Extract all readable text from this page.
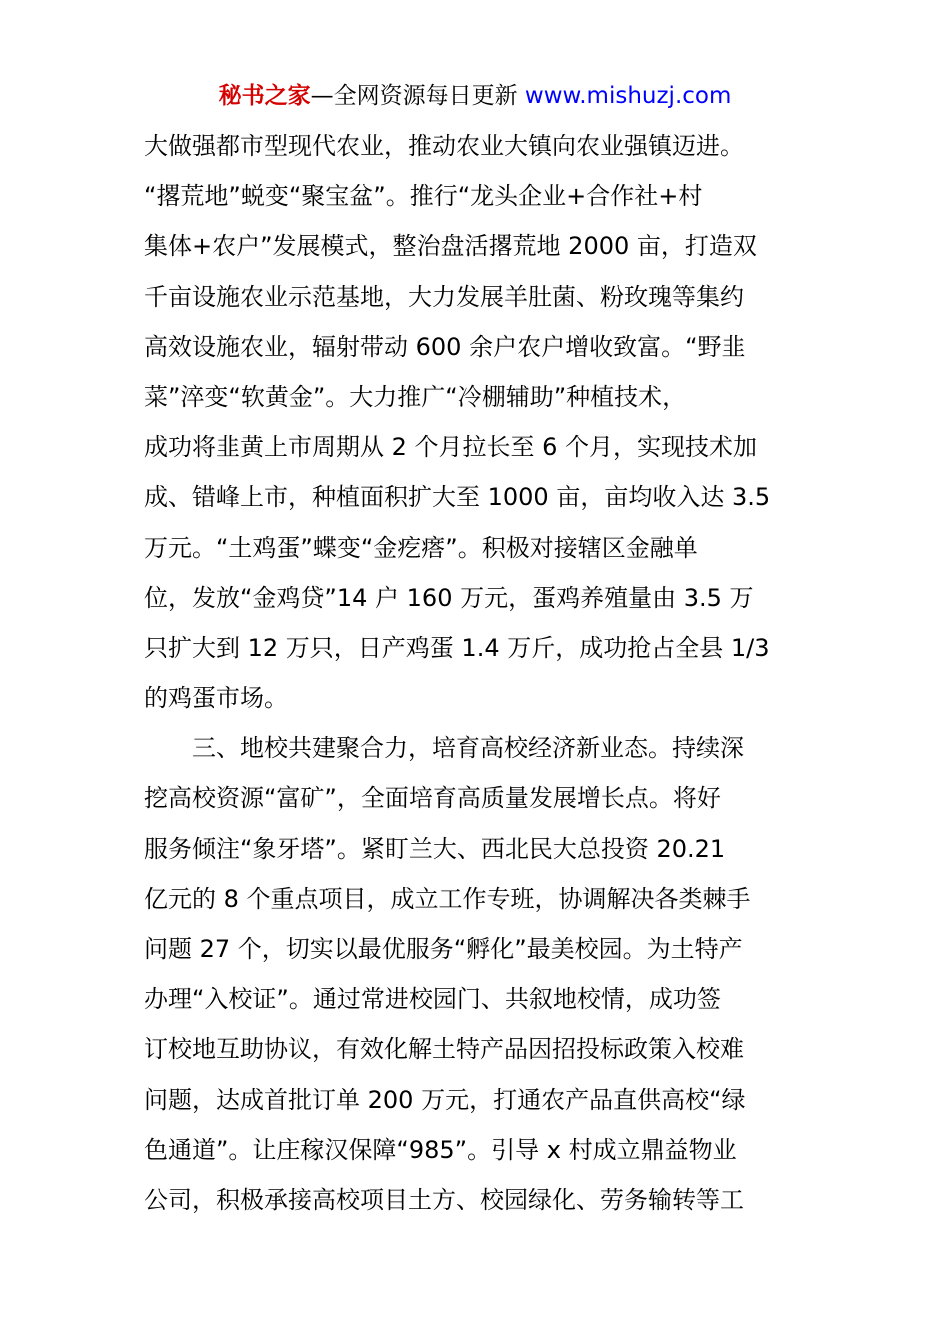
秘书之家—全网资源每日更新 www.mishuzj.com
大做强都市型现代农业，推动农业大镇向农业强镇迈进。
“撂荒地”蜕变“聚宝盆”。推行“龙头企业+合作社+村
集体+农户”发展模式，整治盘活撂荒地 2000 亩，打造双
千亩设施农业示范基地，大力发展羊肚菌、粉玫瑰等集约
高效设施农业，辐射带动 600 余户农户增收致富。“野韭
菜”淬变“软黄金”。大力推广“冷棚辅助”种植技术，
成功将韭黄上市周期从 2 个月拉长至 6 个月，实现技术加
成、错峰上市，种植面积扩大至 1000 亩，亩均收入达 3.5
万元。“土鸡蛋”蝶变“金疙瘩”。积极对接辖区金融单
位，发放“金鸡贷”14 户 160 万元，蛋鸡养殖量由 3.5 万
只扩大到 12 万只，日产鸡蛋 1.4 万斤，成功抢占全县 1/3
的鸡蛋市场。
　　三、地校共建聚合力，培育高校经济新业态。持续深
挖高校资源“富矿”，全面培育高质量发展增长点。将好
服务倾注“象牙塔”。紧盯兰大、西北民大总投资 20.21
亿元的 8 个重点项目，成立工作专班，协调解决各类棘手
问题 27 个，切实以最优服务“孵化”最美校园。为土特产
办理“入校证”。通过常进校园门、共叙地校情，成功签
订校地互助协议，有效化解土特产品因招投标政策入校难
问题，达成首批订单 200 万元，打通农产品直供高校“绿
色通道”。让庄稼汉保障“985”。引导 x 村成立鼎益物业
公司，积极承接高校项目土方、校园绿化、劳务输转等工
